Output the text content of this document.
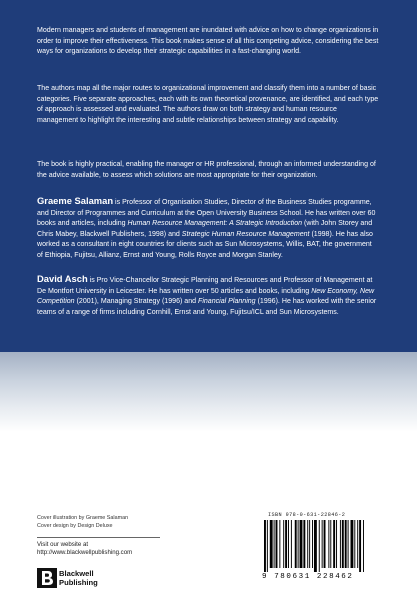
Modern managers and students of management are inundated with advice on how to change organizations in order to improve their effectiveness. This book makes sense of all this competing advice, considering the best ways for organizations to develop their strategic capabilities in a fast-changing world.

The authors map all the major routes to organizational improvement and classify them into a number of basic categories. Five separate approaches, each with its own theoretical provenance, are identified, and each type of approach is assessed and evaluated. The authors draw on both strategy and human resource management to highlight the interesting and subtle relationships between strategy and capability.

The book is highly practical, enabling the manager or HR professional, through an informed understanding of the advice available, to assess which solutions are most appropriate for their organization.

Graeme Salaman is Professor of Organisation Studies, Director of the Business Studies programme, and Director of Programmes and Curriculum at the Open University Business School. He has written over 60 books and articles, including Human Resource Management: A Strategic Introduction (with John Storey and Chris Mabey, Blackwell Publishers, 1998) and Strategic Human Resource Management (1998). He has also worked as a consultant in eight countries for clients such as Sun Microsystems, Willis, BAT, the government of Ethiopia, Fujitsu, Allianz, Ernst and Young, Rolls Royce and Morgan Stanley.

David Asch is Pro Vice-Chancellor Strategic Planning and Resources and Professor of Management at De Montfort University in Leicester. He has written over 50 articles and books, including New Economy, New Competition (2001), Managing Strategy (1996) and Financial Planning (1996). He has worked with the senior teams of a range of firms including Cornhill, Ernst and Young, Fujitsu/ICL and Sun Microsystems.

Cover illustration by Graeme Salaman
Cover design by Design Deluxe
Visit our website at
http://www.blackwellpublishing.com
Blackwell
Publishing
ISBN 978-0-631-22846-2
9 780631 228462
